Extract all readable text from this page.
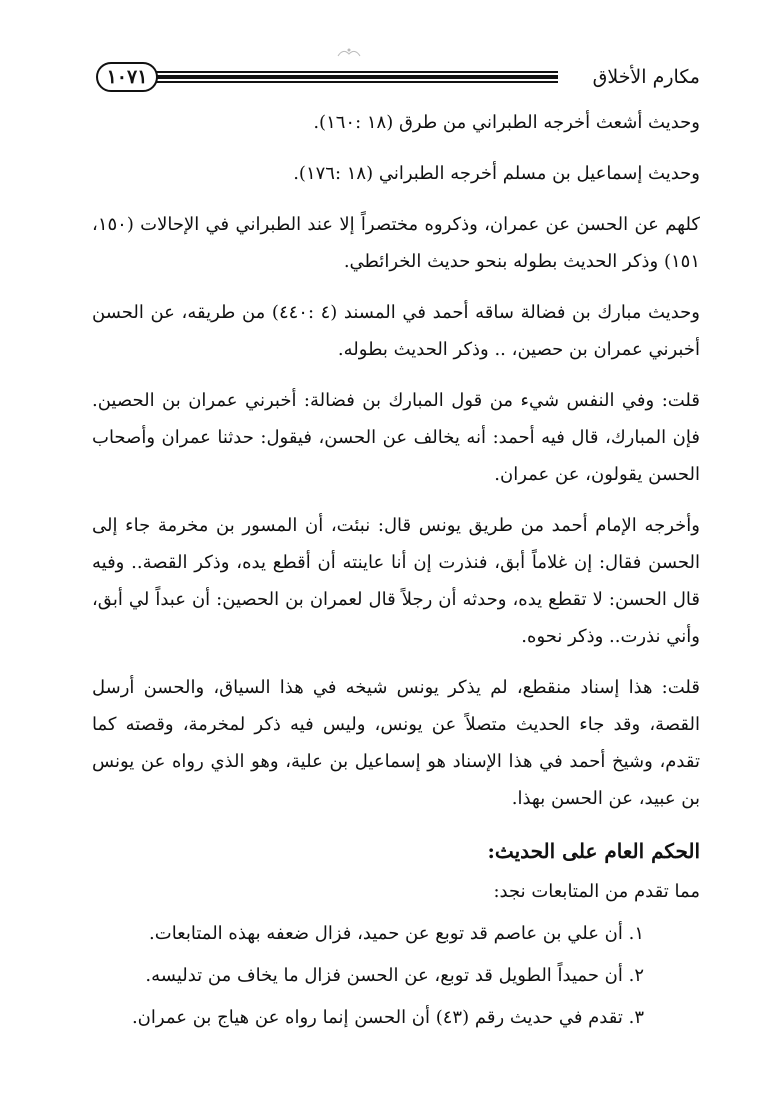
١٠٧١	مكارم الأخلاق

وحديث أشعث أخرجه الطبراني من طرق (١٨ :١٦٠).

وحديث إسماعيل بن مسلم أخرجه الطبراني (١٨ :١٧٦).

كلهم عن الحسن عن عمران، وذكروه مختصراً إلا عند الطبراني في الإحالات (١٥٠، ١٥١) وذكر الحديث بطوله بنحو حديث الخرائطي.

وحديث مبارك بن فضالة ساقه أحمد في المسند (٤ :٤٤٠) من طريقه، عن الحسن أخبرني عمران بن حصين، .. وذكر الحديث بطوله.

قلت: وفي النفس شيء من قول المبارك بن فضالة: أخبرني عمران بن الحصين. فإن المبارك، قال فيه أحمد: أنه يخالف عن الحسن، فيقول: حدثنا عمران وأصحاب الحسن يقولون، عن عمران.

وأخرجه الإمام أحمد من طريق يونس قال: نبئت، أن المسور بن مخرمة جاء إلى الحسن فقال: إن غلاماً أبق، فنذرت إن أنا عاينته أن أقطع يده، وذكر القصة.. وفيه قال الحسن: لا تقطع يده، وحدثه أن رجلاً قال لعمران بن الحصين: أن عبداً لي أبق، وأني نذرت.. وذكر نحوه.

قلت: هذا إسناد منقطع، لم يذكر يونس شيخه في هذا السياق، والحسن أرسل القصة، وقد جاء الحديث متصلاً عن يونس، وليس فيه ذكر لمخرمة، وقصته كما تقدم، وشيخ أحمد في هذا الإسناد هو إسماعيل بن علية، وهو الذي رواه عن يونس بن عبيد، عن الحسن بهذا.

الحكم العام على الحديث:

مما تقدم من المتابعات نجد:

١. أن علي بن عاصم قد توبع عن حميد، فزال ضعفه بهذه المتابعات.
٢. أن حميداً الطويل قد توبع، عن الحسن فزال ما يخاف من تدليسه.
٣. تقدم في حديث رقم (٤٣) أن الحسن إنما رواه عن هياج بن عمران.
